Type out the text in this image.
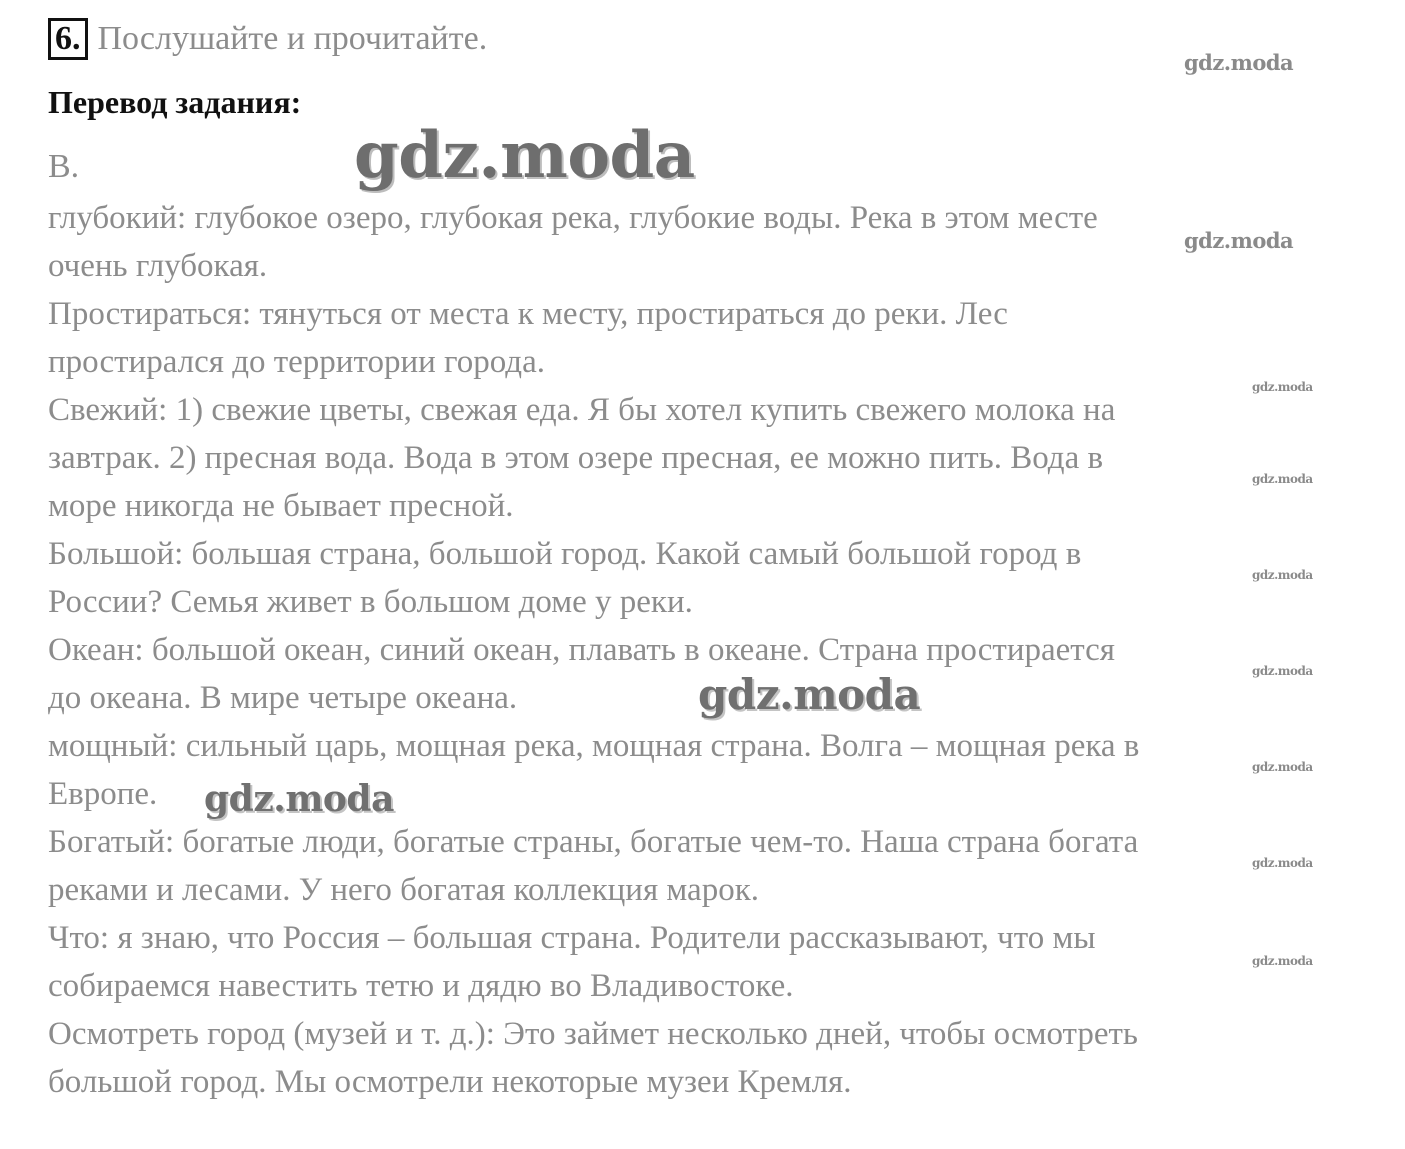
6. Послушайте и прочитайте.
Перевод задания:
В.
глубокий: глубокое озеро, глубокая река, глубокие воды. Река в этом месте
очень глубокая.
Простираться: тянуться от места к месту, простираться до реки. Лес
простирался до территории города.
Свежий: 1) свежие цветы, свежая еда. Я бы хотел купить свежего молока на
завтрак. 2) пресная вода. Вода в этом озере пресная, ее можно пить. Вода в
море никогда не бывает пресной.
Большой: большая страна, большой город. Какой самый большой город в
России? Семья живет в большом доме у реки.
Океан: большой океан, синий океан, плавать в океане. Страна простирается
до океана. В мире четыре океана.
мощный: сильный царь, мощная река, мощная страна. Волга – мощная река в
Европе.
Богатый: богатые люди, богатые страны, богатые чем-то. Наша страна богата
реками и лесами. У него богатая коллекция марок.
Что: я знаю, что Россия – большая страна. Родители рассказывают, что мы
собираемся навестить тетю и дядю во Владивостоке.
Осмотреть город (музей и т. д.): Это займет несколько дней, чтобы осмотреть
большой город. Мы осмотрели некоторые музеи Кремля.
gdz.moda
gdz.moda
gdz.moda
gdz.moda
gdz.moda
gdz.moda
gdz.moda
gdz.moda
gdz.moda
gdz.moda
gdz.moda
gdz.moda
